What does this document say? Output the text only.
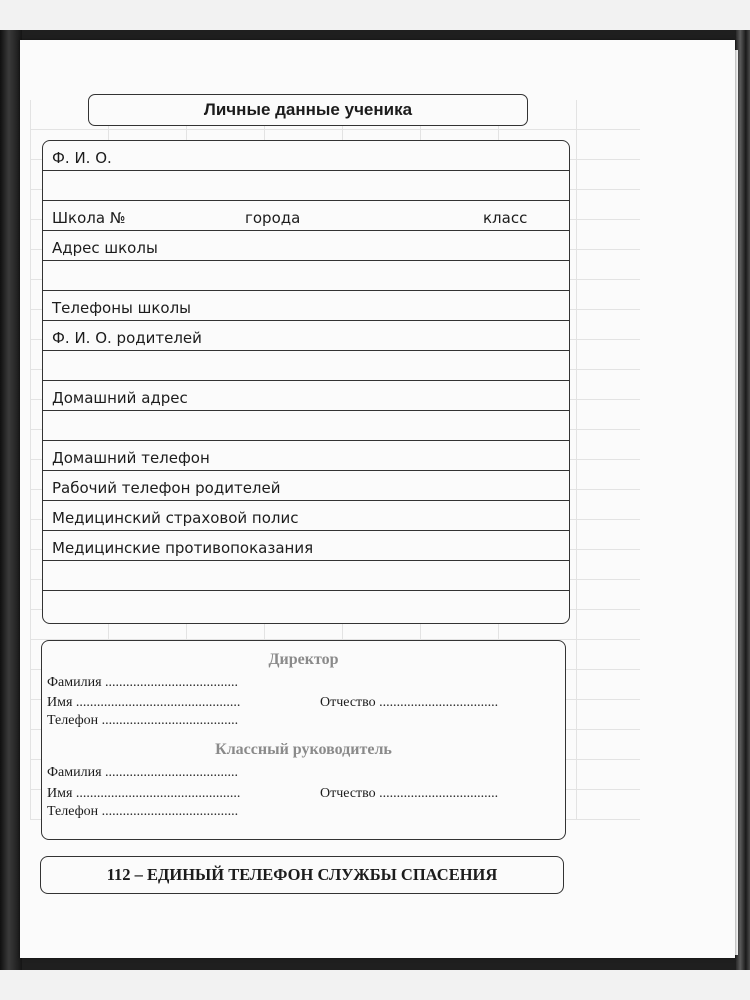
Личные данные ученика
Ф. И. О.
Школа №	города	класс
Адрес школы
Телефоны школы
Ф. И. О. родителей
Домашний адрес
Домашний телефон
Рабочий телефон родителей
Медицинский страховой полис
Медицинские противопоказания
Директор
Фамилия ......................................
Имя ...............................................	Отчество ..................................
Телефон .......................................
Классный руководитель
Фамилия ......................................
Имя ...............................................	Отчество ..................................
Телефон .......................................
112 – ЕДИНЫЙ ТЕЛЕФОН СЛУЖБЫ СПАСЕНИЯ
